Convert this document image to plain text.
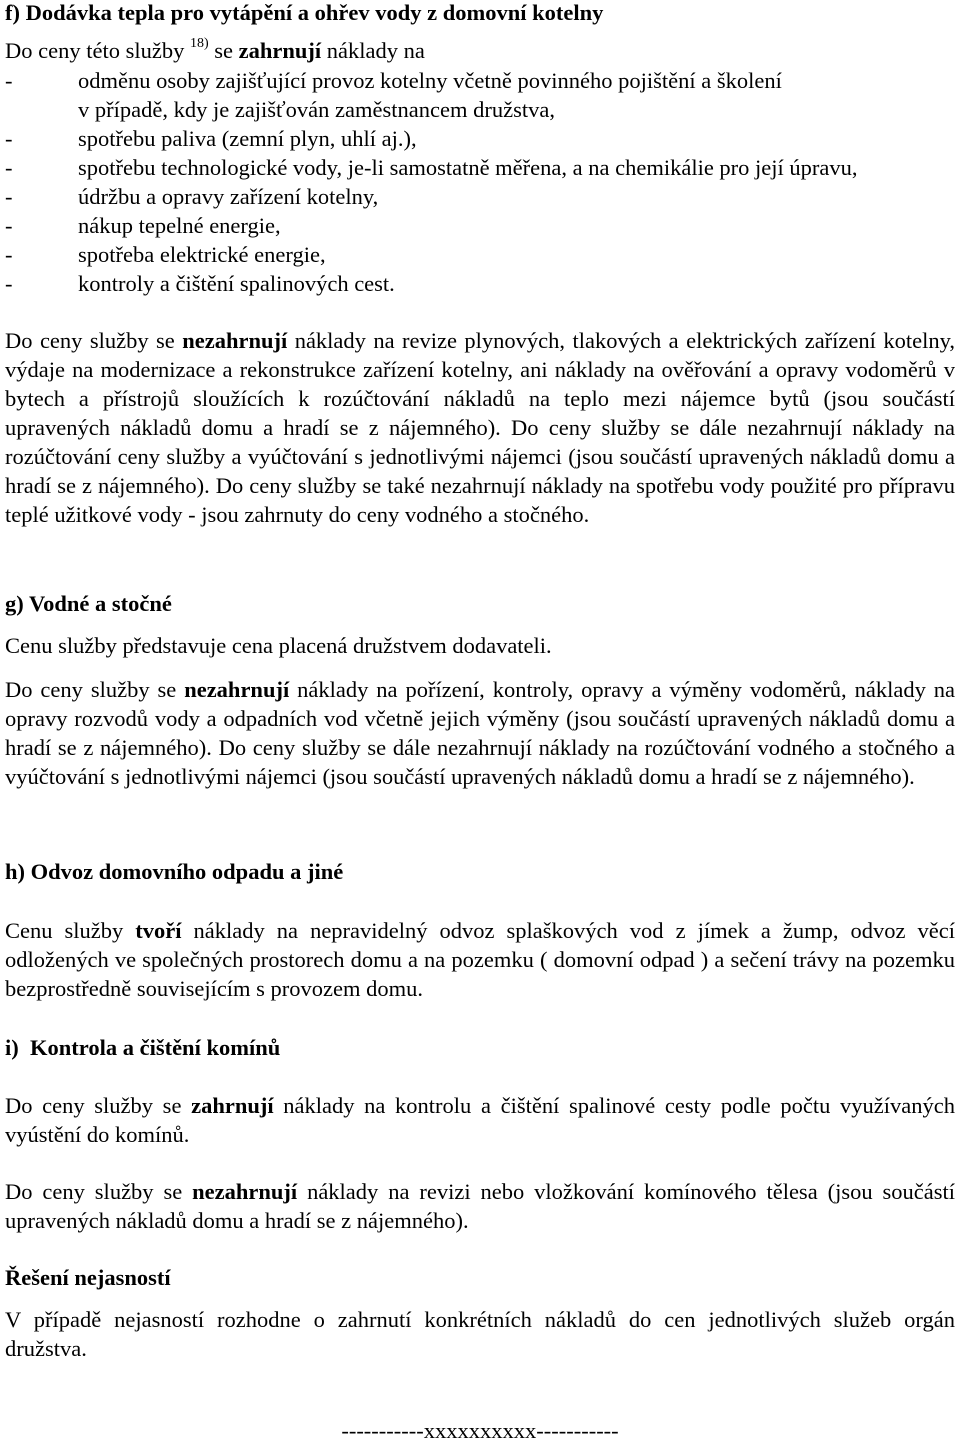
f) Dodávka tepla pro vytápění a ohřev vody z domovní kotelny

Do ceny této služby $^{18)}$ se zahrnují náklady na

-	odměnu osoby zajišťující provoz kotelny včetně povinného pojištění a školení
v případě, kdy je zajišťován zaměstnancem družstva,
-	spotřebu paliva (zemní plyn, uhlí aj.),
-	spotřebu technologické vody, je-li samostatně měřena, a na chemikálie pro její úpravu,
-	údržbu a opravy zařízení kotelny,
-	nákup tepelné energie,
-	spotřeba elektrické energie,
-	kontroly a čištění spalinových cest.

Do ceny služby se nezahrnují náklady na revize plynových, tlakových a elektrických zařízení kotelny, výdaje na modernizace a rekonstrukce zařízení kotelny, ani náklady na ověřování a opravy vodoměrů v bytech a přístrojů sloužících k rozúčtování nákladů na teplo mezi nájemce bytů (jsou součástí upravených nákladů domu a hradí se z nájemného). Do ceny služby se dále nezahrnují náklady na rozúčtování ceny služby a vyúčtování s jednotlivými nájemci (jsou součástí upravených nákladů domu a hradí se z nájemného). Do ceny služby se také nezahrnují náklady na spotřebu vody použité pro přípravu teplé užitkové vody - jsou zahrnuty do ceny vodného a stočného.

g) Vodné a stočné

Cenu služby představuje cena placená družstvem dodavateli.

Do ceny služby se nezahrnují náklady na pořízení, kontroly, opravy a výměny vodoměrů, náklady na opravy rozvodů vody a odpadních vod včetně jejich výměny (jsou součástí upravených nákladů domu a hradí se z nájemného). Do ceny služby se dále nezahrnují náklady na rozúčtování vodného a stočného a vyúčtování s jednotlivými nájemci (jsou součástí upravených nákladů domu a hradí se z nájemného).

h) Odvoz domovního odpadu a jiné

Cenu služby tvoří náklady na nepravidelný odvoz splaškových vod z jímek a žump, odvoz věcí odložených ve společných prostorech domu a na pozemku ( domovní odpad ) a sečení trávy na pozemku bezprostředně souvisejícím s provozem domu.

i)  Kontrola a čištění komínů

Do ceny služby se zahrnují náklady na kontrolu a čištění spalinové cesty podle počtu využívaných vyústění do komínů.

Do ceny služby se nezahrnují náklady na revizi nebo vložkování komínového tělesa (jsou součástí upravených nákladů domu a hradí se z nájemného).

Řešení nejasností

V případě nejasností rozhodne o zahrnutí konkrétních nákladů do cen jednotlivých služeb orgán družstva.

-----------xxxxxxxxxx-----------
